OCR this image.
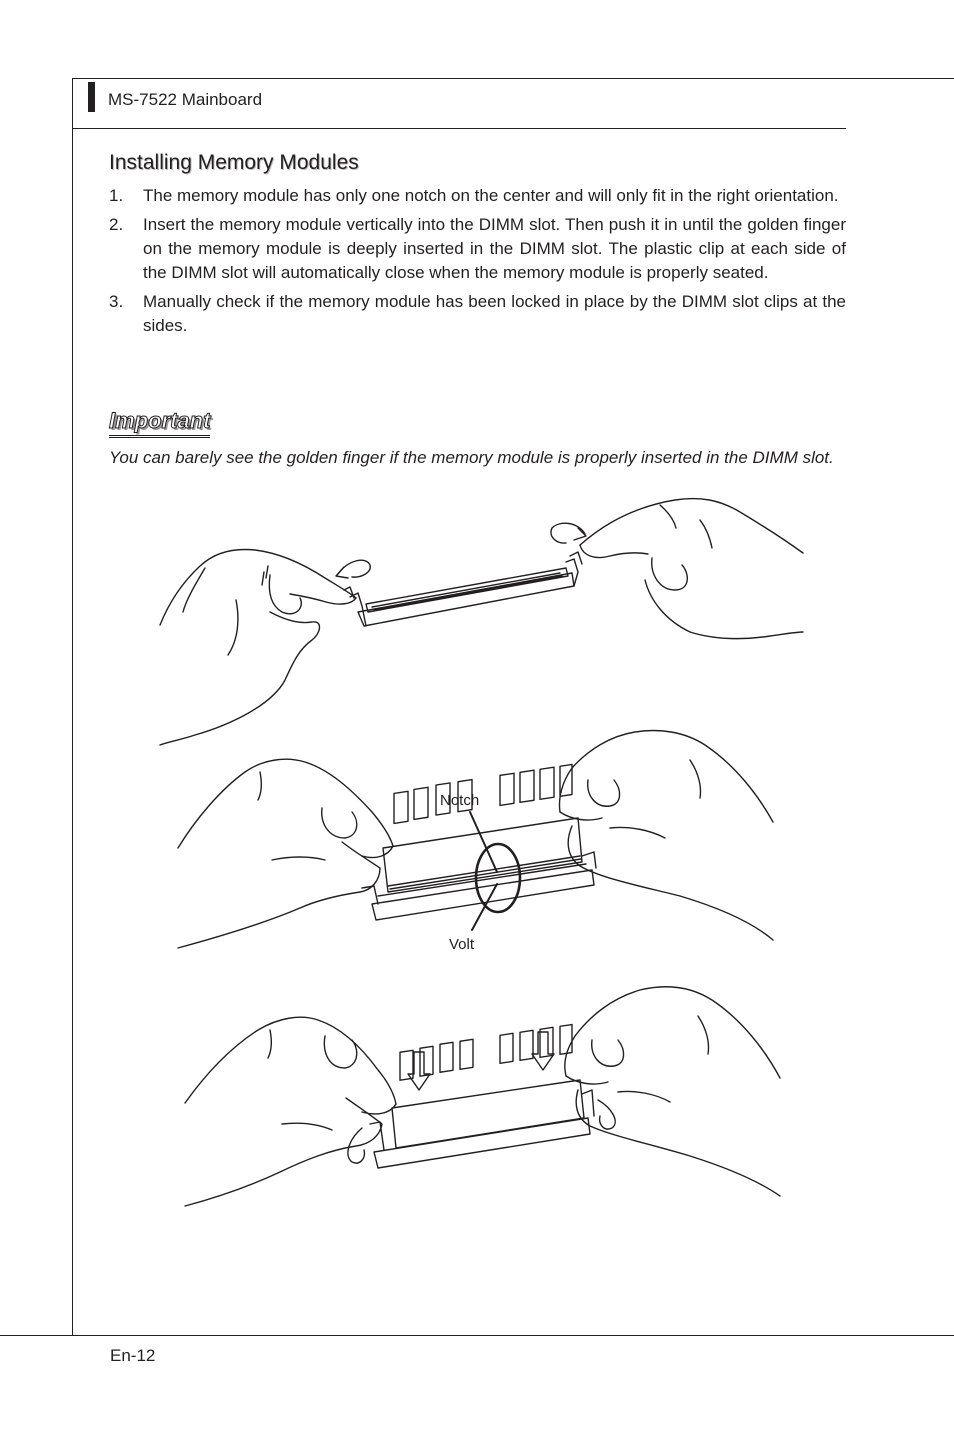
MS-7522 Mainboard
Installing Memory Modules
1. The memory module has only one notch on the center and will only fit in the right orientation.
2. Insert the memory module vertically into the DIMM slot. Then push it in until the golden finger on the memory module is deeply inserted in the DIMM slot. The plastic clip at each side of the DIMM slot will automatically close when the memory module is properly seated.
3. Manually check if the memory module has been locked in place by the DIMM slot clips at the sides.
Important

You can barely see the golden finger if the memory module is properly inserted in the DIMM slot.

Notch
Volt
En-12
